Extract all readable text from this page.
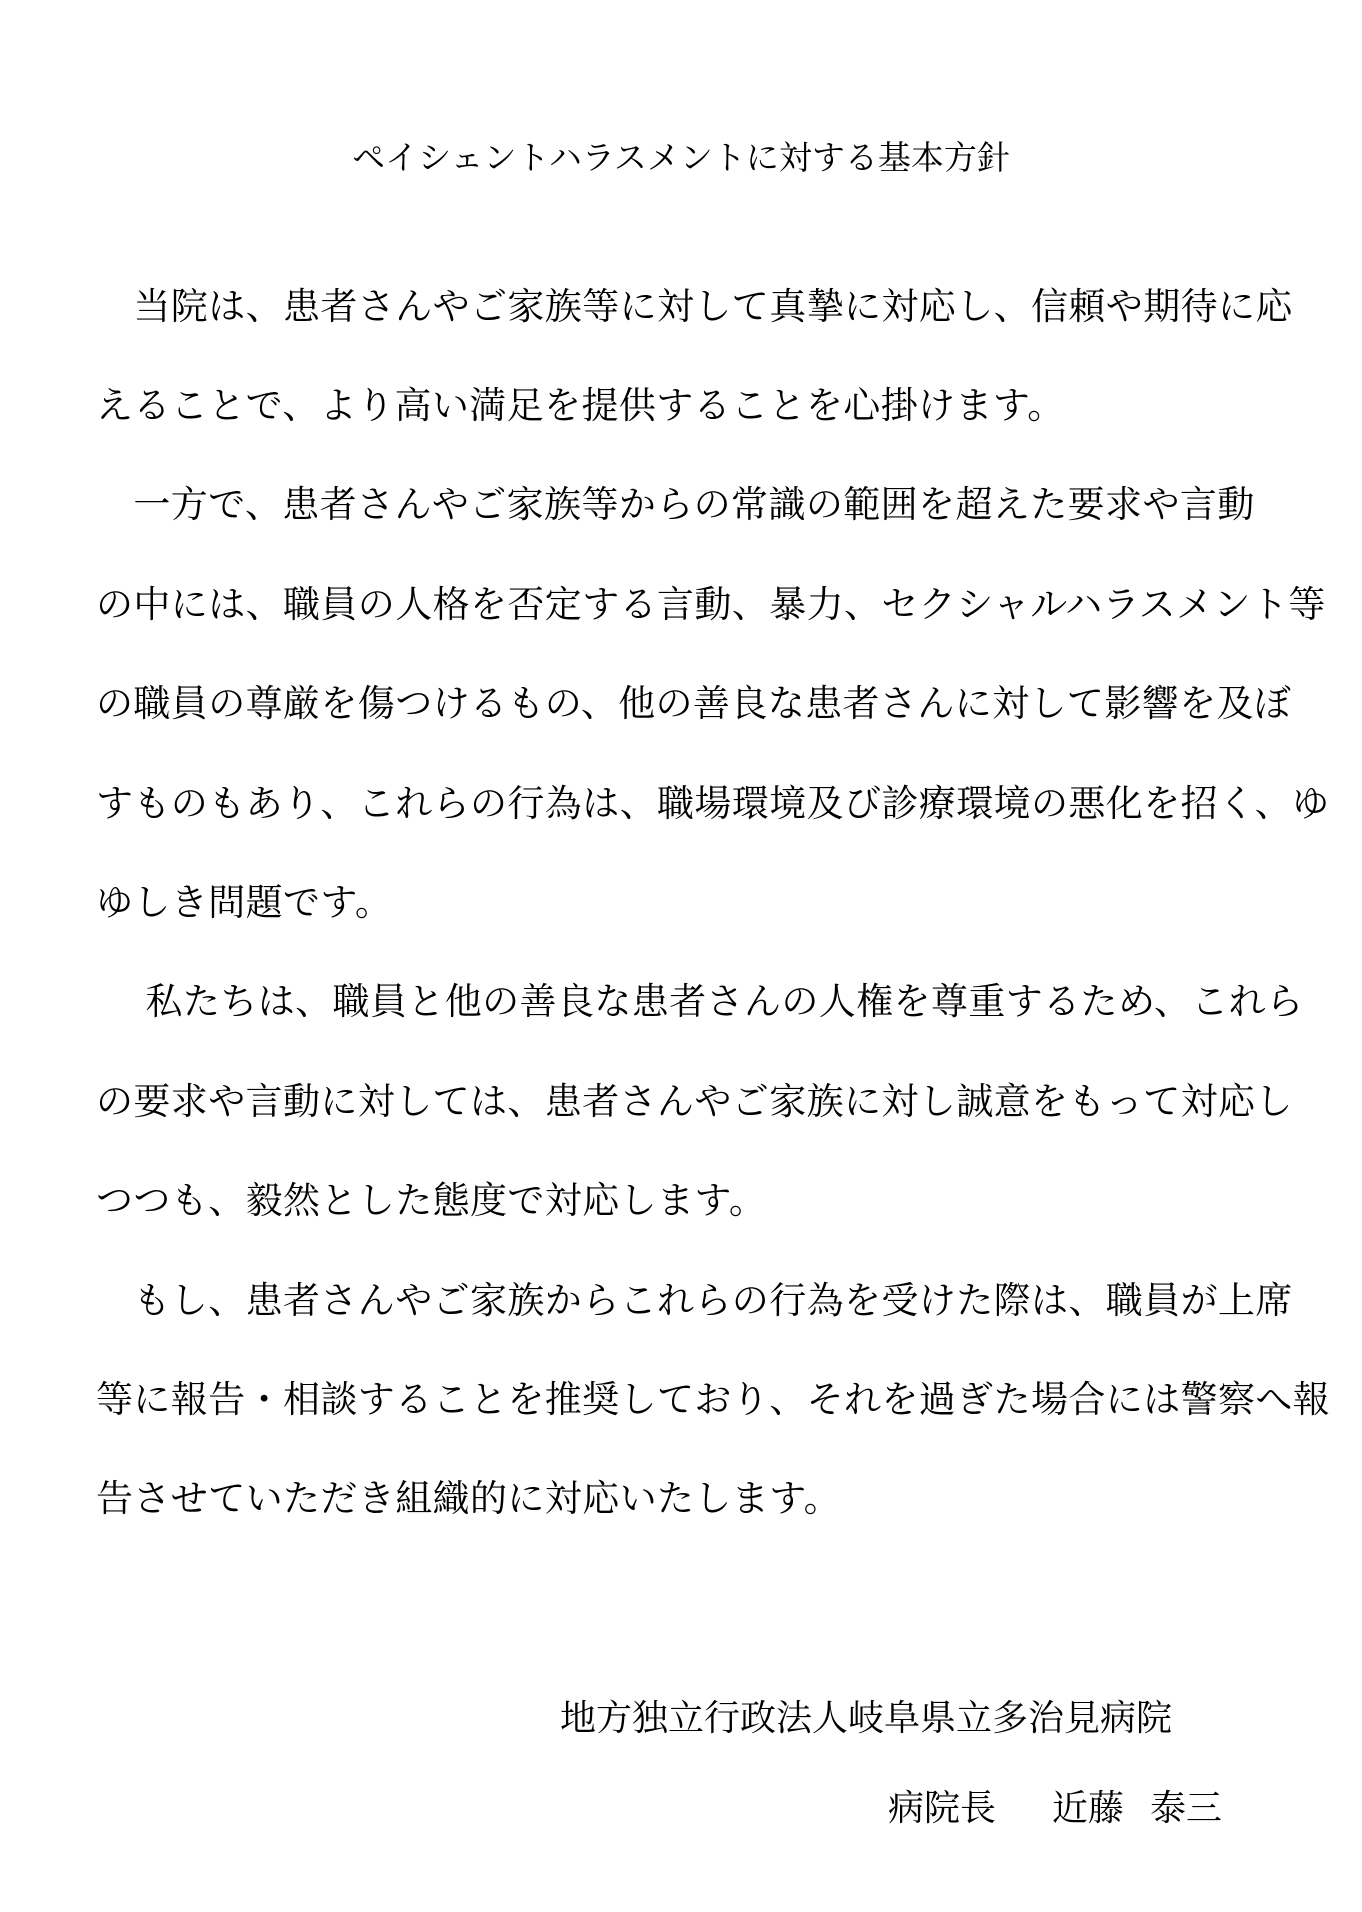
ペイシェントハラスメントに対する基本方針
　当院は、患者さんやご家族等に対して真摯に対応し、信頼や期待に応
えることで、より高い満足を提供することを心掛けます。
　一方で、患者さんやご家族等からの常識の範囲を超えた要求や言動
の中には、職員の人格を否定する言動、暴力、セクシャルハラスメント等
の職員の尊厳を傷つけるもの、他の善良な患者さんに対して影響を及ぼ
すものもあり、これらの行為は、職場環境及び診療環境の悪化を招く、ゆ
ゆしき問題です。
　 私たちは、職員と他の善良な患者さんの人権を尊重するため、これら
の要求や言動に対しては、患者さんやご家族に対し誠意をもって対応し
つつも、毅然とした態度で対応します。
　もし、患者さんやご家族からこれらの行為を受けた際は、職員が上席
等に報告・相談することを推奨しており、それを過ぎた場合には警察へ報
告させていただき組織的に対応いたします。
地方独立行政法人岐阜県立多治見病院
病院長 近藤 泰三
